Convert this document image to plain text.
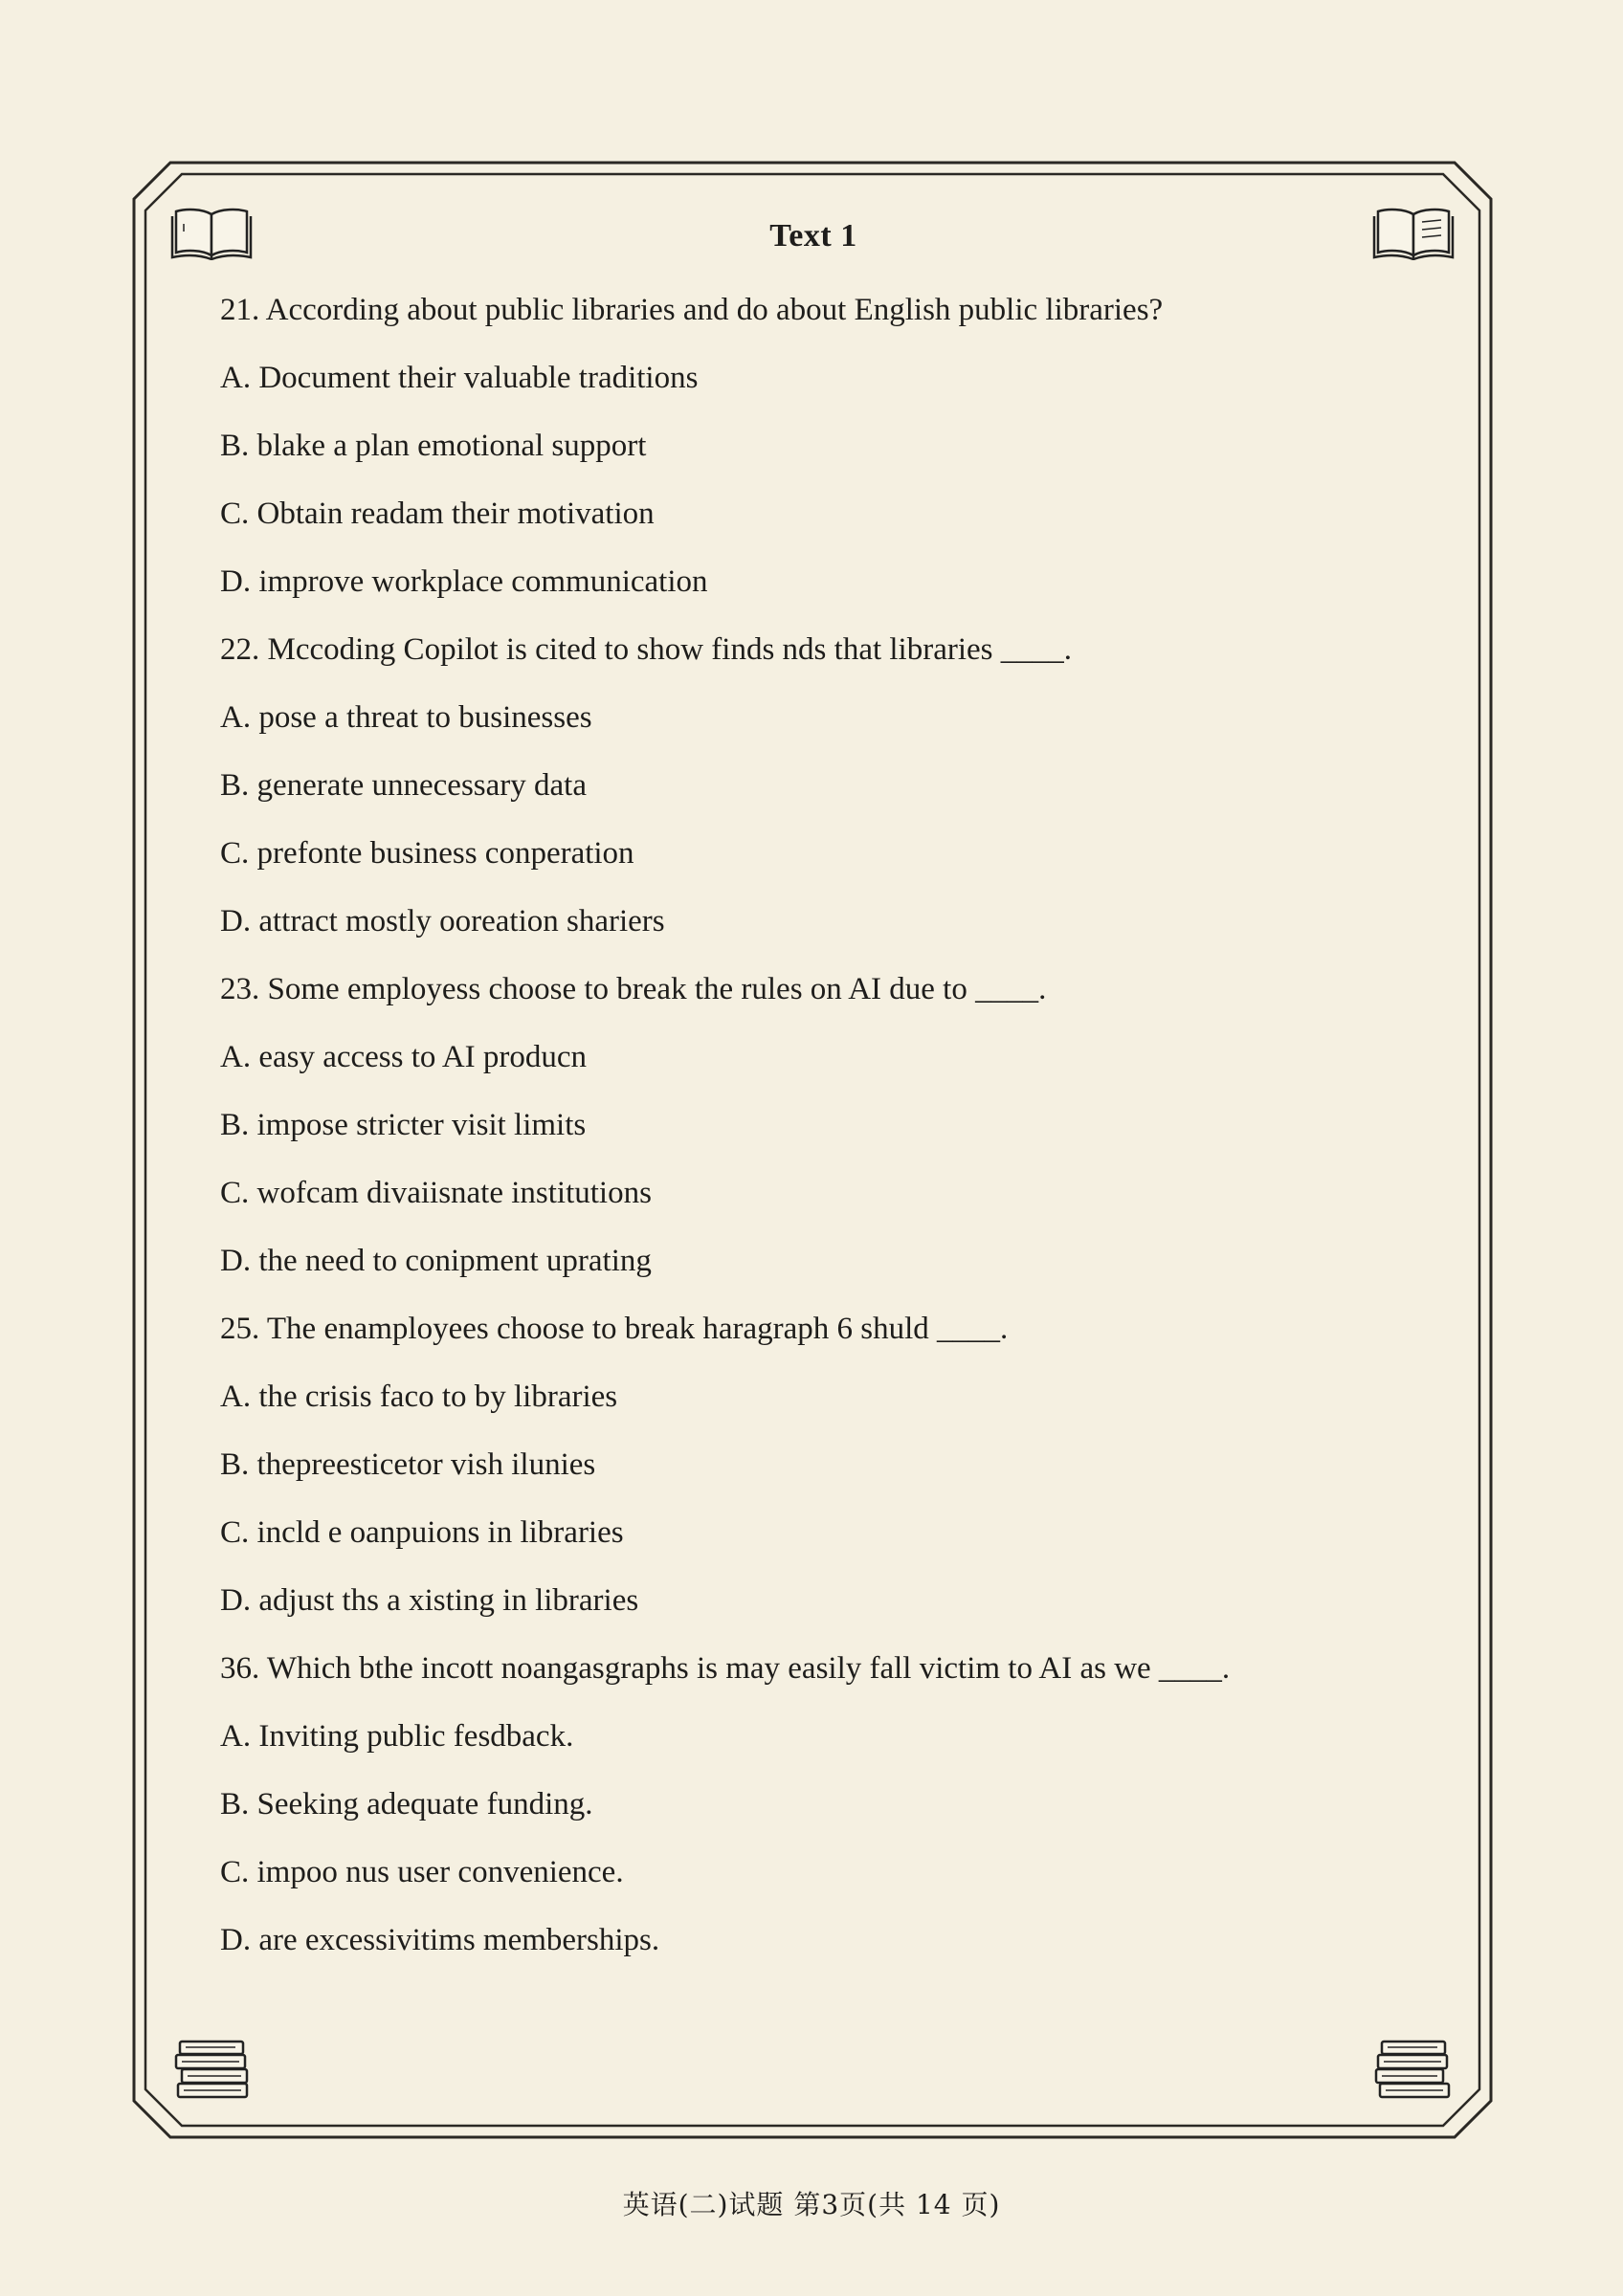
Text 1

21. According about public libraries and do about English public libraries?

A. Document their valuable traditions

B. blake a plan emotional support

C. Obtain readam their motivation

D. improve workplace communication

22. Mccoding Copilot is cited to show finds nds that libraries ____.

A. pose a threat to businesses

B. generate unnecessary data

C. prefonte business conperation

D. attract mostly ooreation shariers

23. Some employess choose to break the rules on AI due to ____.

A. easy access to AI producn

B. impose stricter visit limits

C. wofcam divaiisnate institutions

D. the need to conipment uprating

25. The enamployees choose to break haragraph 6 shuld ____.

A. the crisis faco to by libraries

B. thepreesticetor vish ilunies

C. incld e oanpuions in libraries

D. adjust ths a xisting in libraries

36. Which bthe incott noangasgraphs is may easily fall victim to AI as we ____.

A. Inviting public fesdback.

B. Seeking adequate funding.

C. impoo nus user convenience.

D. are excessivitims memberships.

英语(二)试题 第3页(共 14 页)
